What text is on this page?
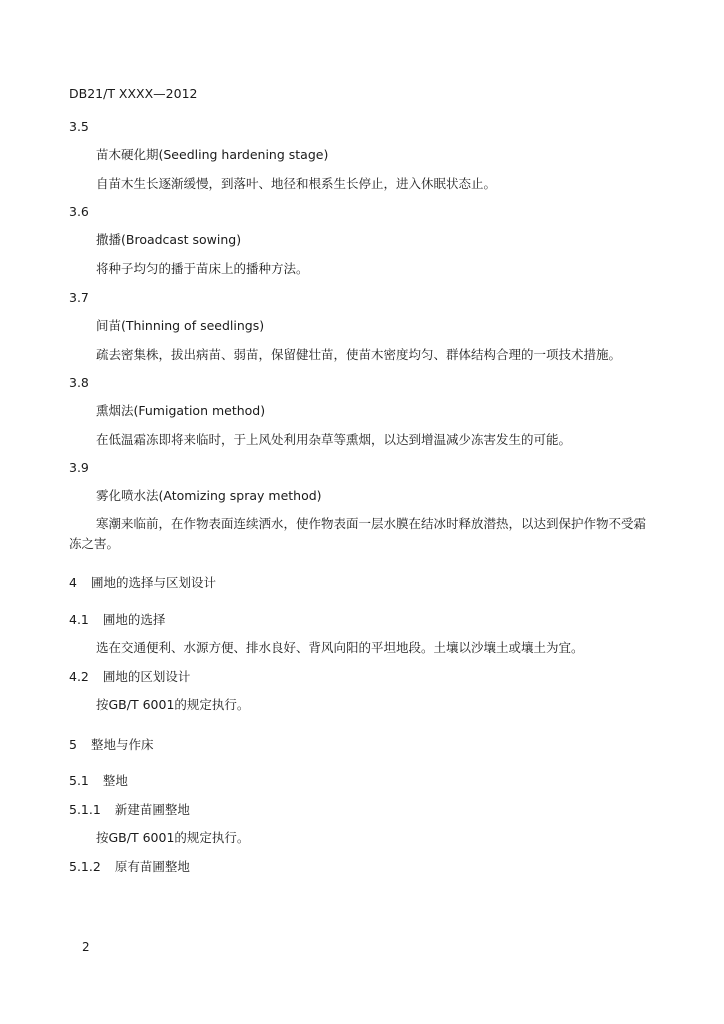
DB21/T XXXX—2012
3.5
苗木硬化期(Seedling hardening stage)
自苗木生长逐渐缓慢，到落叶、地径和根系生长停止，进入休眠状态止。
3.6
撒播(Broadcast sowing)
将种子均匀的播于苗床上的播种方法。
3.7
间苗(Thinning of seedlings)
疏去密集株，拔出病苗、弱苗，保留健壮苗，使苗木密度均匀、群体结构合理的一项技术措施。
3.8
熏烟法(Fumigation method)
在低温霜冻即将来临时，于上风处利用杂草等熏烟，以达到增温减少冻害发生的可能。
3.9
雾化喷水法(Atomizing spray method)
寒潮来临前，在作物表面连续洒水，使作物表面一层水膜在结冰时释放潜热，以达到保护作物不受霜冻之害。
4 圃地的选择与区划设计
4.1 圃地的选择
选在交通便利、水源方便、排水良好、背风向阳的平坦地段。土壤以沙壤土或壤土为宜。
4.2 圃地的区划设计
按GB/T 6001的规定执行。
5 整地与作床
5.1 整地
5.1.1 新建苗圃整地
按GB/T 6001的规定执行。
5.1.2 原有苗圃整地
2
